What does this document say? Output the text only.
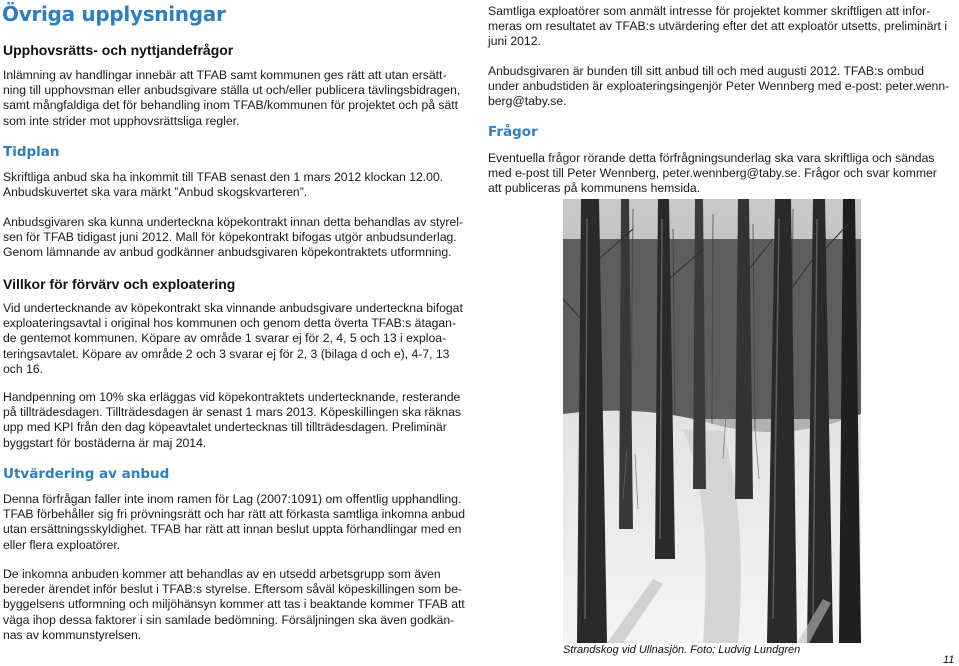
Övriga upplysningar
Upphovsrätts- och nyttjandefrågor
Inlämning av handlingar innebär att TFAB samt kommunen ges rätt att utan ersätt-
ning till upphovsman eller anbudsgivare ställa ut och/eller publicera tävlingsbidragen,
samt mångfaldiga det för behandling inom TFAB/kommunen för projektet och på sätt
som inte strider mot upphovsrättsliga regler.
Tidplan
Skriftliga anbud ska ha inkommit till TFAB senast den 1 mars 2012 klockan 12.00.
Anbudskuvertet ska vara märkt ”Anbud skogskvarteren”.
Anbudsgivaren ska kunna underteckna köpekontrakt innan detta behandlas av styrel-
sen för TFAB tidigast juni 2012. Mall för köpekontrakt bifogas utgör anbudsunderlag.
Genom lämnande av anbud godkänner anbudsgivaren köpekontraktets utformning.
Villkor för förvärv och exploatering
Vid undertecknande av köpekontrakt ska vinnande anbudsgivare underteckna bifogat
exploateringsavtal i original hos kommunen och genom detta överta TFAB:s ätagan-
de gentemot kommunen. Köpare av område 1 svarar ej för 2, 4, 5 och 13 i exploa-
teringsavtalet. Köpare av område 2 och 3 svarar ej för 2, 3 (bilaga d och e), 4-7, 13
och 16.
Handpenning om 10% ska erläggas vid köpekontraktets undertecknande, resterande
på tillträdesdagen. Tillträdesdagen är senast 1 mars 2013. Köpeskillingen ska räknas
upp med KPI från den dag köpeavtalet undertecknas till tillträdesdagen. Preliminär
byggstart för bostäderna är maj 2014.
Utvärdering av anbud
Denna förfrågan faller inte inom ramen för Lag (2007:1091) om offentlig upphandling.
TFAB förbehåller sig fri prövningsrätt och har rätt att förkasta samtliga inkomna anbud
utan ersättningsskyldighet. TFAB har rätt att innan beslut uppta förhandlingar med en
eller flera exploatörer.
De inkomna anbuden kommer att behandlas av en utsedd arbetsgrupp som även
bereder ärendet inför beslut i TFAB:s styrelse. Eftersom såväl köpeskillingen som be-
byggelsens utformning och miljöhänsyn kommer att tas i beaktande kommer TFAB att
väga ihop dessa faktorer i sin samlade bedömning. Försäljningen ska även godkän-
nas av kommunstyrelsen.
Samtliga exploatörer som anmält intresse för projektet kommer skriftligen att infor-
meras om resultatet av TFAB:s utvärdering efter det att exploatör utsetts, preliminärt i
juni 2012.
Anbudsgivaren är bunden till sitt anbud till och med augusti 2012. TFAB:s ombud
under anbudstiden är exploateringsingenjör Peter Wennberg med e-post: peter.wenn-
berg@taby.se.
Frågor
Eventuella frågor rörande detta förfrågningsunderlag ska vara skriftliga och sändas
med e-post till Peter Wennberg, peter.wennberg@taby.se. Frågor och svar kommer
att publiceras på kommunens hemsida.
Strandskog vid Ullnasjön. Foto: Ludvig Lundgren
11
